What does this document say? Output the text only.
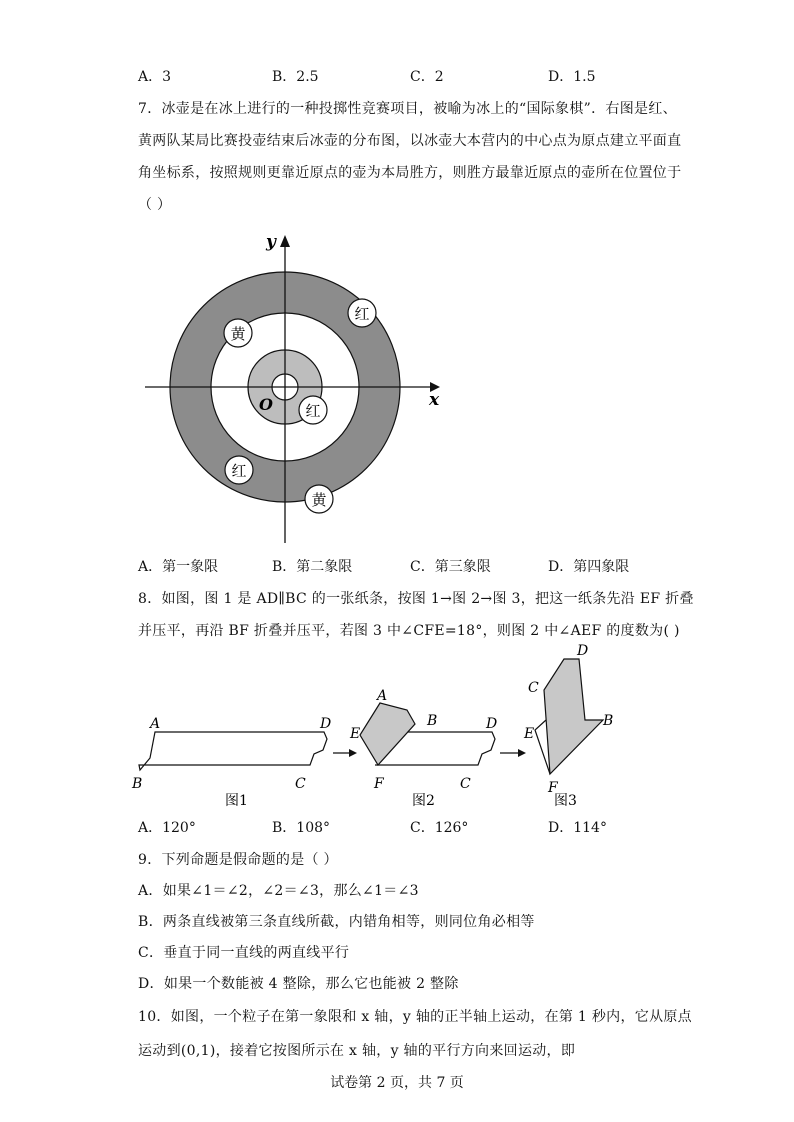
A．3	B．2.5	C．2	D．1.5
7．冰壶是在冰上进行的一种投掷性竞赛项目，被喻为冰上的“国际象棋”．右图是红、
黄两队某局比赛投壶结束后冰壶的分布图，以冰壶大本营内的中心点为原点建立平面直
角坐标系，按照规则更靠近原点的壶为本局胜方，则胜方最靠近原点的壶所在位置位于
（ ）
x
y
O
红
黄
红
红
黄
A．第一象限	B．第二象限	C．第三象限	D．第四象限
8．如图，图 1 是 AD∥BC 的一张纸条，按图 1→图 2→图 3，把这一纸条先沿 EF 折叠
并压平，再沿 BF 折叠并压平，若图 3 中∠CFE=18°，则图 2 中∠AEF 的度数为( )
A	D
B	C
图1
A
B	D
E
F	C
图2
D
C
B
E
F
图3
A．120°	B．108°	C．126°	D．114°
9．下列命题是假命题的是（ ）
A．如果∠1＝∠2，∠2＝∠3，那么∠1＝∠3
B．两条直线被第三条直线所截，内错角相等，则同位角必相等
C．垂直于同一直线的两直线平行
D．如果一个数能被 4 整除，那么它也能被 2 整除
10．如图，一个粒子在第一象限和 x 轴，y 轴的正半轴上运动，在第 1 秒内，它从原点
运动到(0,1)，接着它按图所示在 x 轴，y 轴的平行方向来回运动，即
试卷第 2 页，共 7 页
